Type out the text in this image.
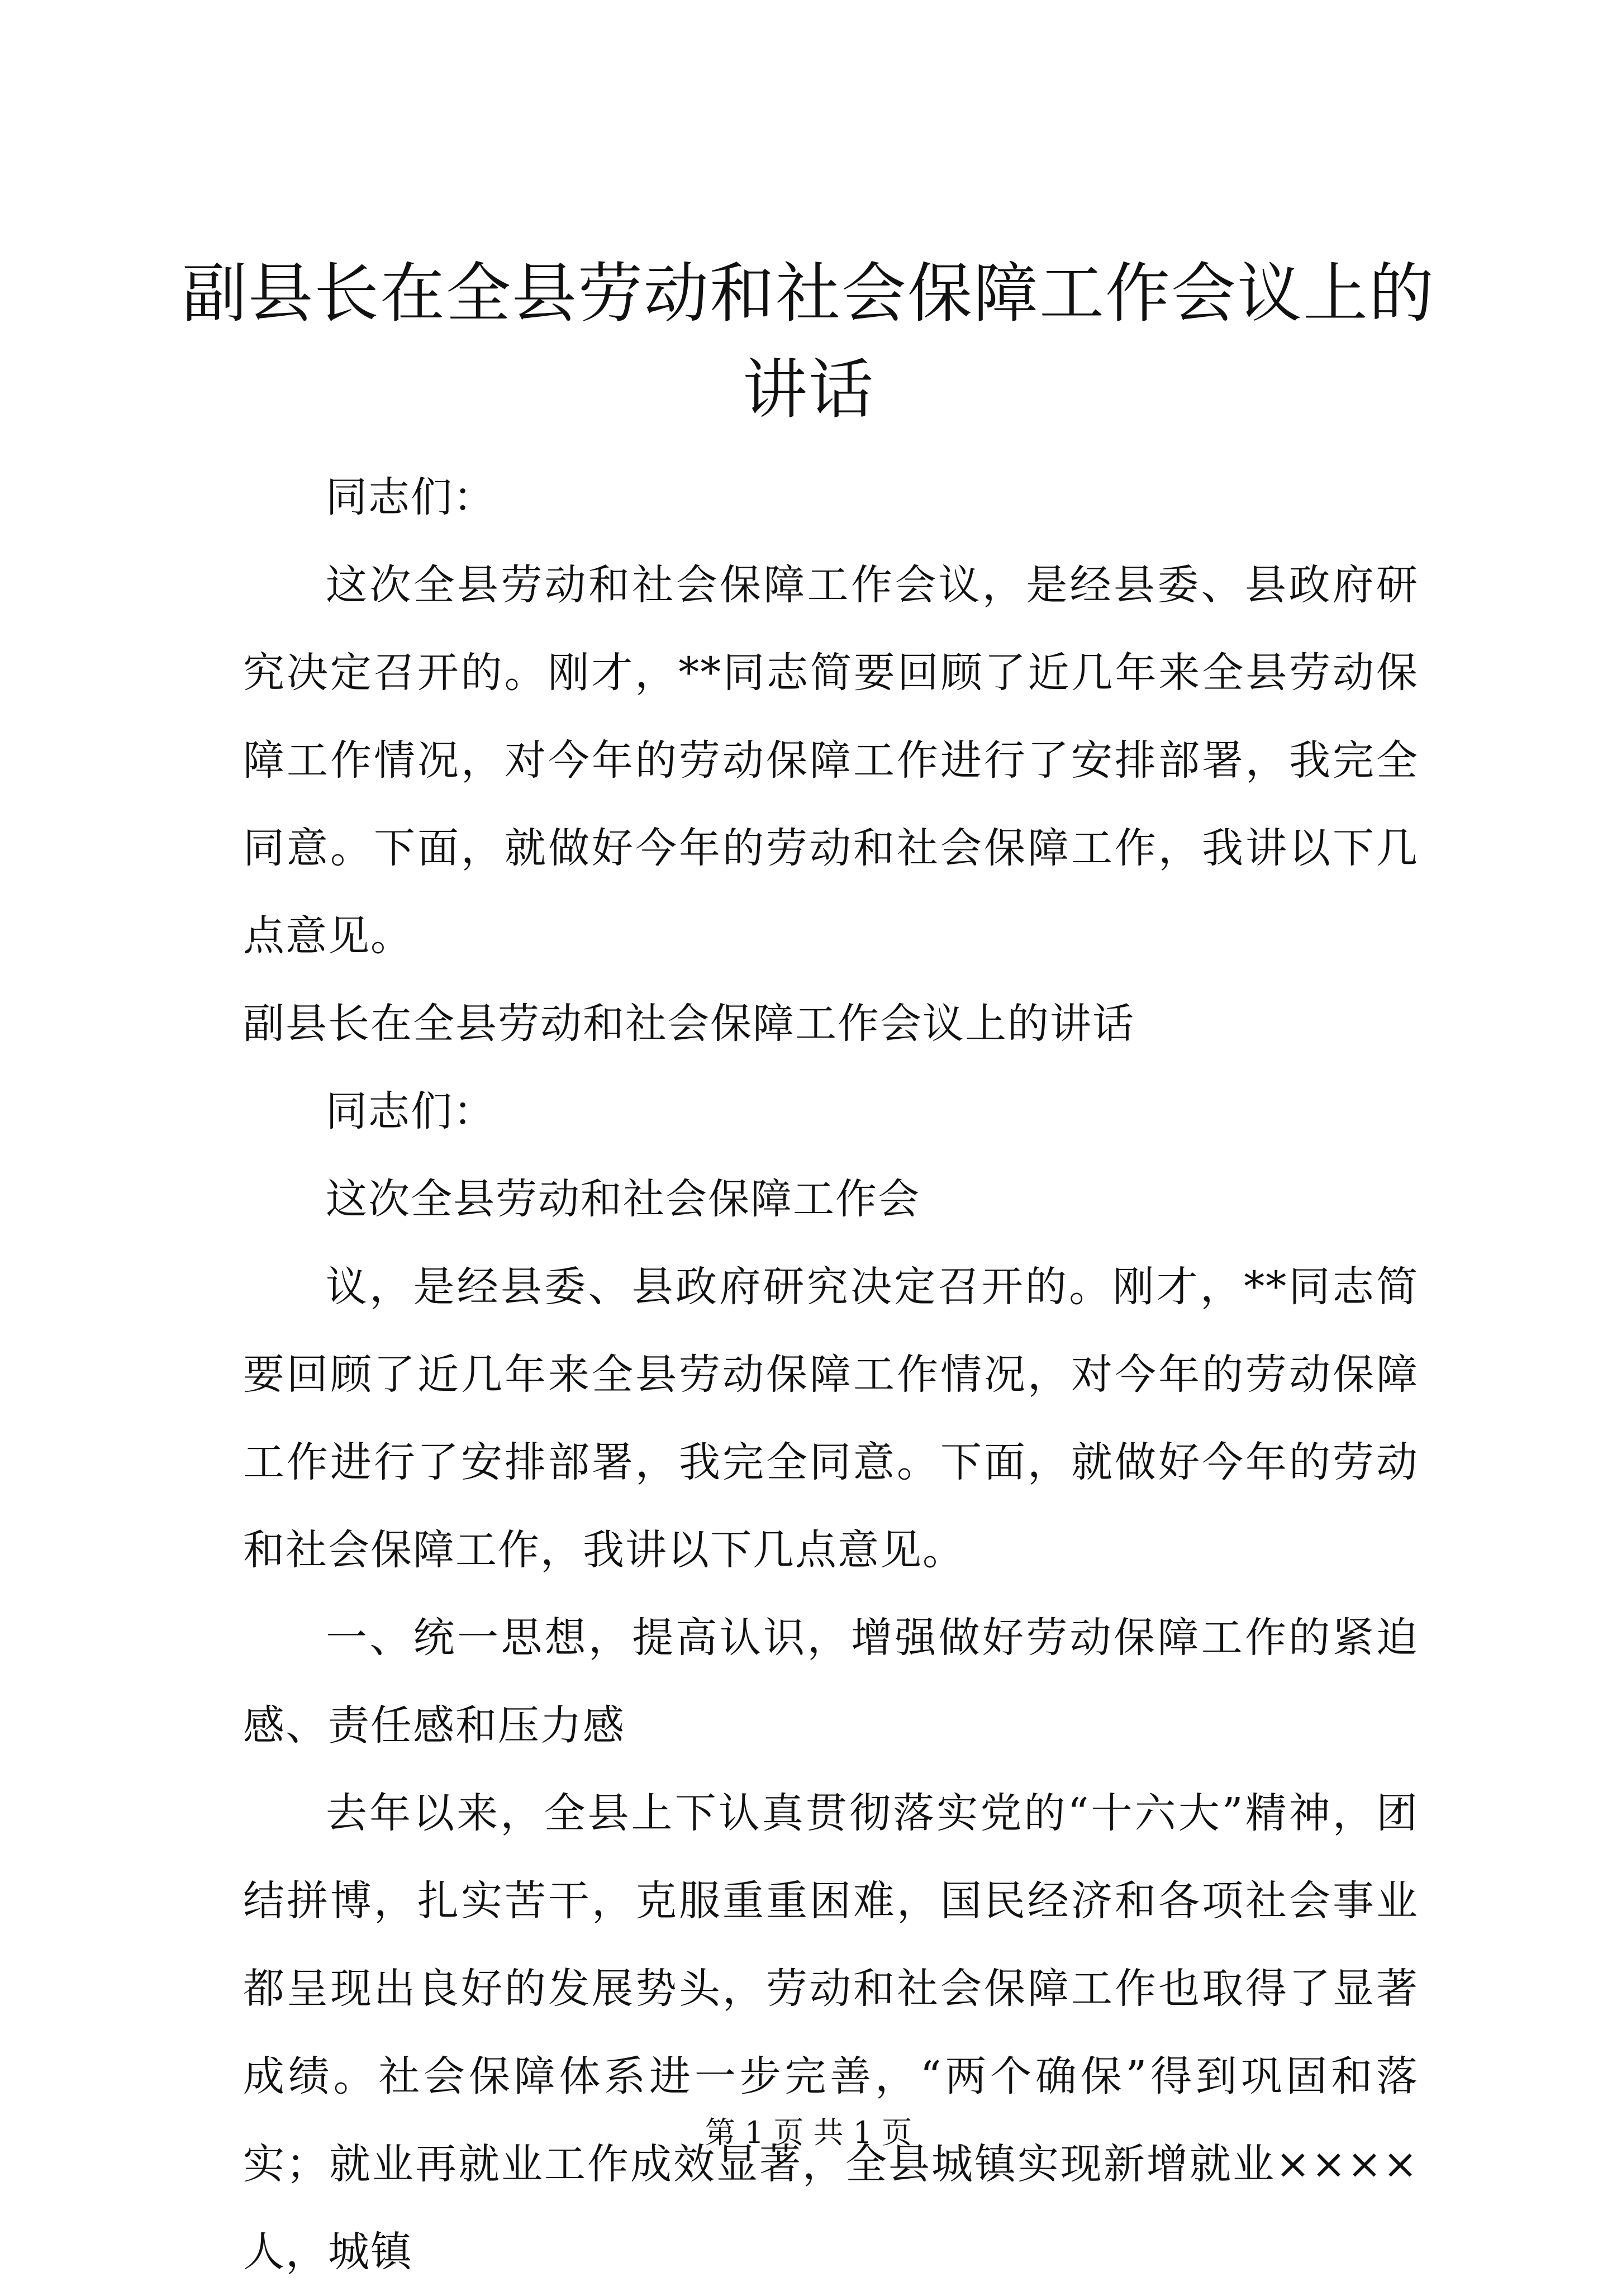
副县长在全县劳动和社会保障工作会议上的讲话

同志们：

这次全县劳动和社会保障工作会议，是经县委、县政府研究决定召开的。刚才，**同志简要回顾了近几年来全县劳动保障工作情况，对今年的劳动保障工作进行了安排部署，我完全同意。下面，就做好今年的劳动和社会保障工作，我讲以下几点意见。

副县长在全县劳动和社会保障工作会议上的讲话

同志们：

这次全县劳动和社会保障工作会

议，是经县委、县政府研究决定召开的。刚才，**同志简要回顾了近几年来全县劳动保障工作情况，对今年的劳动保障工作进行了安排部署，我完全同意。下面，就做好今年的劳动和社会保障工作，我讲以下几点意见。

一、统一思想，提高认识，增强做好劳动保障工作的紧迫感、责任感和压力感

去年以来，全县上下认真贯彻落实党的“十六大”精神，团结拼博，扎实苦干，克服重重困难，国民经济和各项社会事业都呈现出良好的发展势头，劳动和社会保障工作也取得了显著成绩。社会保障体系进一步完善，“两个确保”得到巩固和落实；就业再就业工作成效显著，全县城镇实现新增就业××××人，城镇

第 1 页 共 1 页
